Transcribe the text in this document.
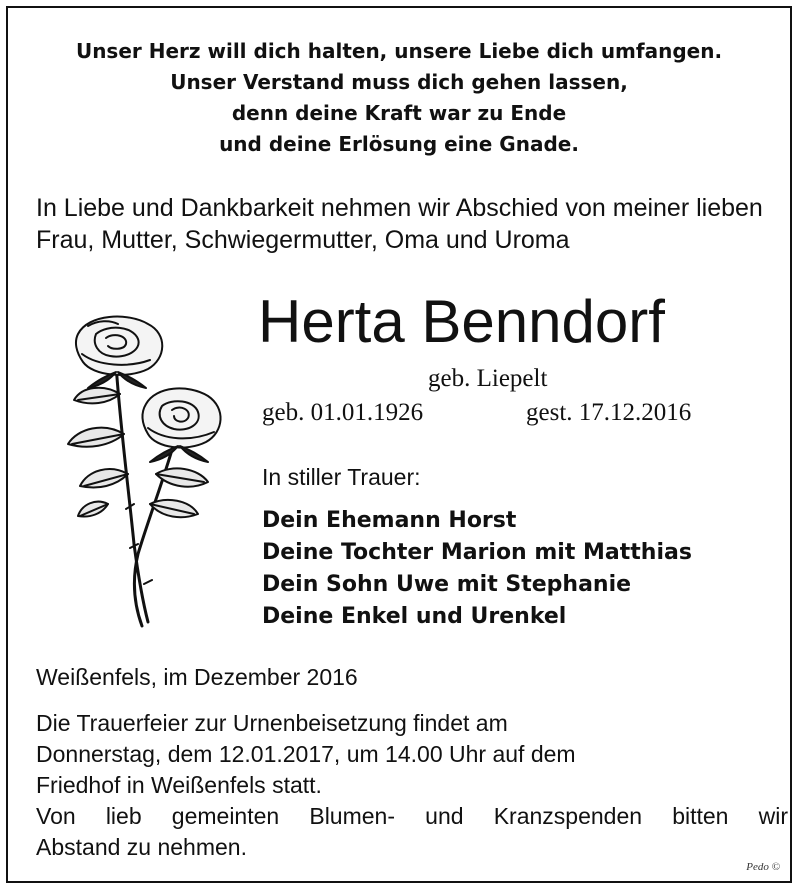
Unser Herz will dich halten, unsere Liebe dich umfangen.
Unser Verstand muss dich gehen lassen,
denn deine Kraft war zu Ende
und deine Erlösung eine Gnade.
In Liebe und Dankbarkeit nehmen wir Abschied von meiner lieben Frau, Mutter, Schwiegermutter, Oma und Uroma
Herta Benndorf
geb. Liepelt
geb. 01.01.1926	gest. 17.12.2016
In stiller Trauer:
Dein Ehemann Horst
Deine Tochter Marion mit Matthias
Dein Sohn Uwe mit Stephanie
Deine Enkel und Urenkel
Weißenfels, im Dezember 2016

Die Trauerfeier zur Urnenbeisetzung findet am

Donnerstag, dem 12.01.2017, um 14.00 Uhr auf dem

Friedhof in Weißenfels statt.

Von lieb gemeinten Blumen- und Kranzspenden bitten wir

Abstand zu nehmen.

Pedo ©
